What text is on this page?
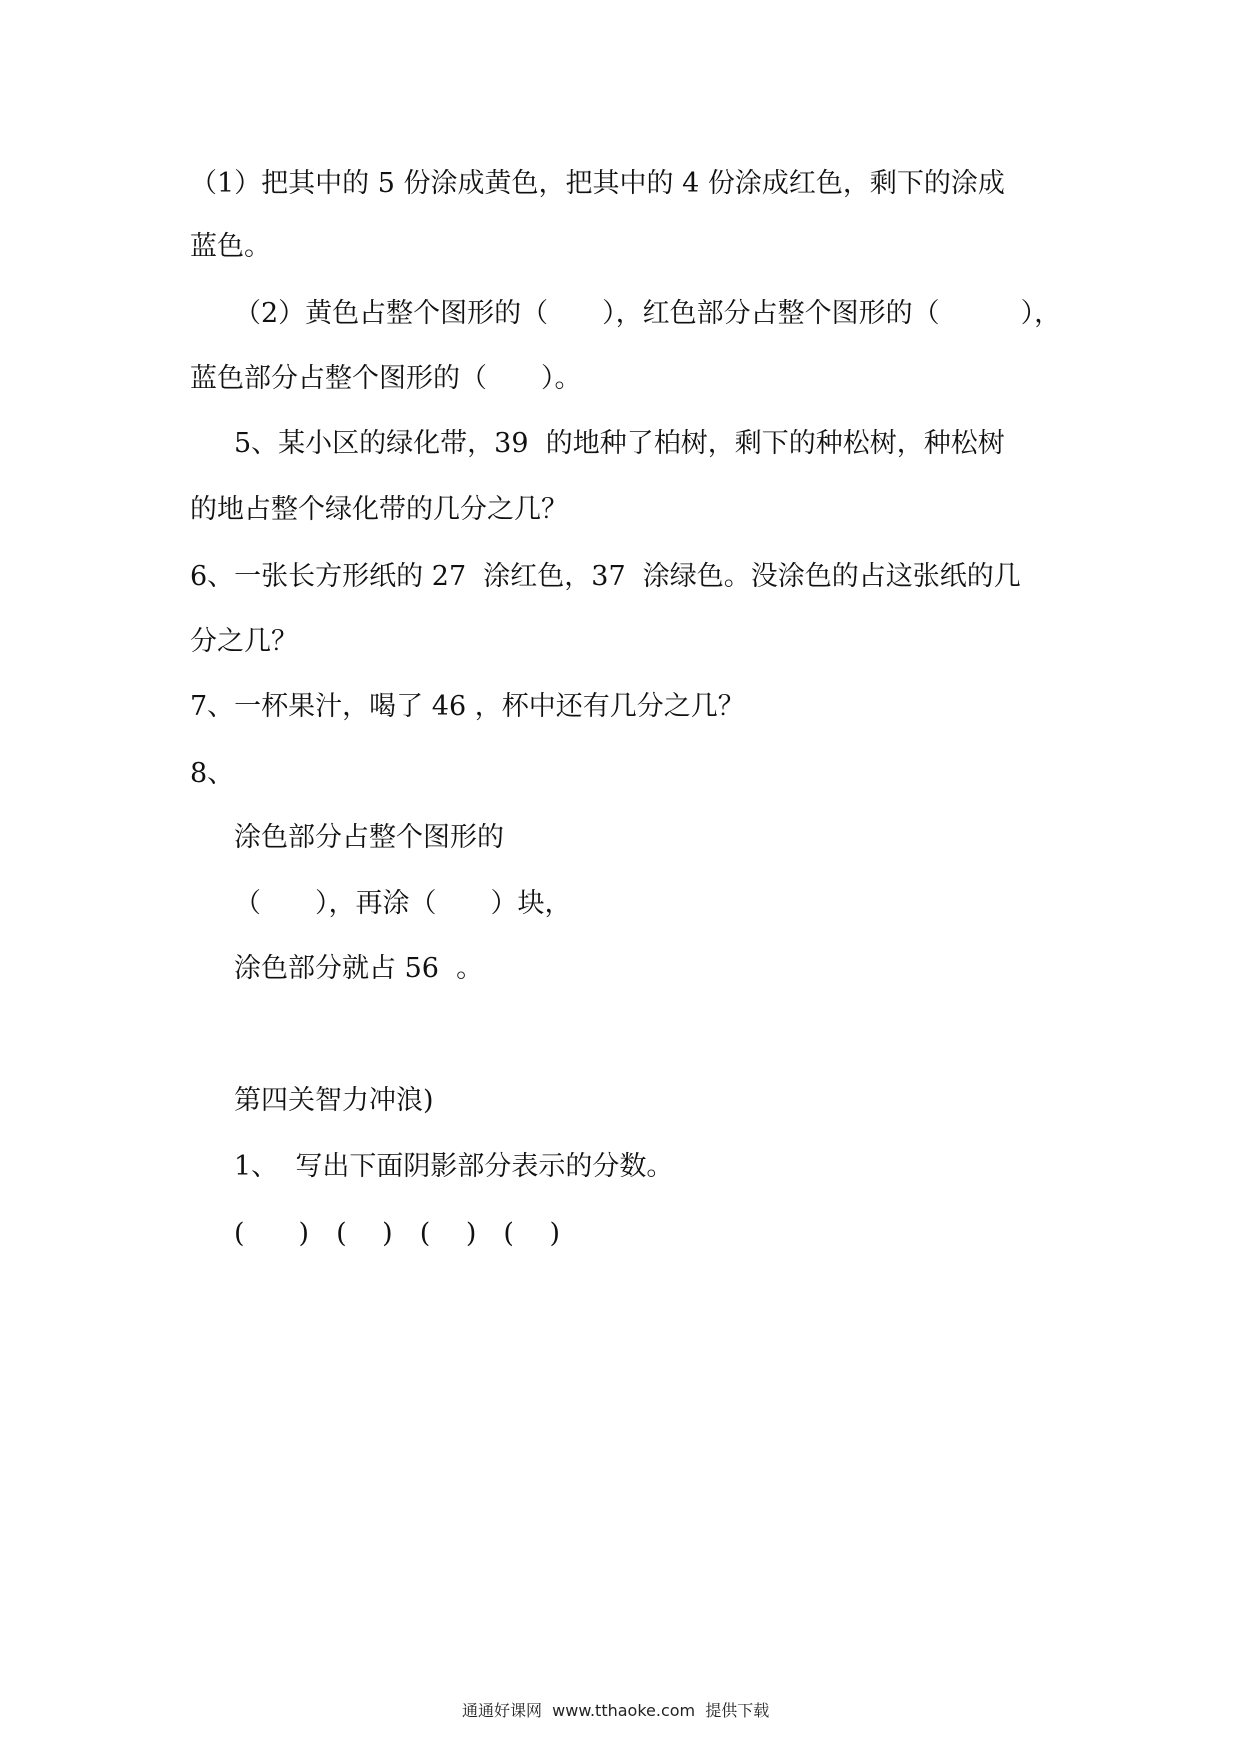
（1）把其中的 5 份涂成黄色，把其中的 4 份涂成红色，剩下的涂成
蓝色。
（2）黄色占整个图形的（　　），红色部分占整个图形的（　　　），
蓝色部分占整个图形的（　　）。
5、某小区的绿化带，39  的地种了柏树，剩下的种松树，种松树
的地占整个绿化带的几分之几？
6、一张长方形纸的 27  涂红色，37  涂绿色。没涂色的占这张纸的几
分之几？
7、一杯果汁，喝了 46 ，杯中还有几分之几？
8、
涂色部分占整个图形的
（　　），再涂（　　）块，
涂色部分就占 56  。
第四关智力冲浪)
1、  写出下面阴影部分表示的分数。
(　　)　(　 )　(　 )　(　 )
通通好课网  www.tthaoke.com  提供下载
